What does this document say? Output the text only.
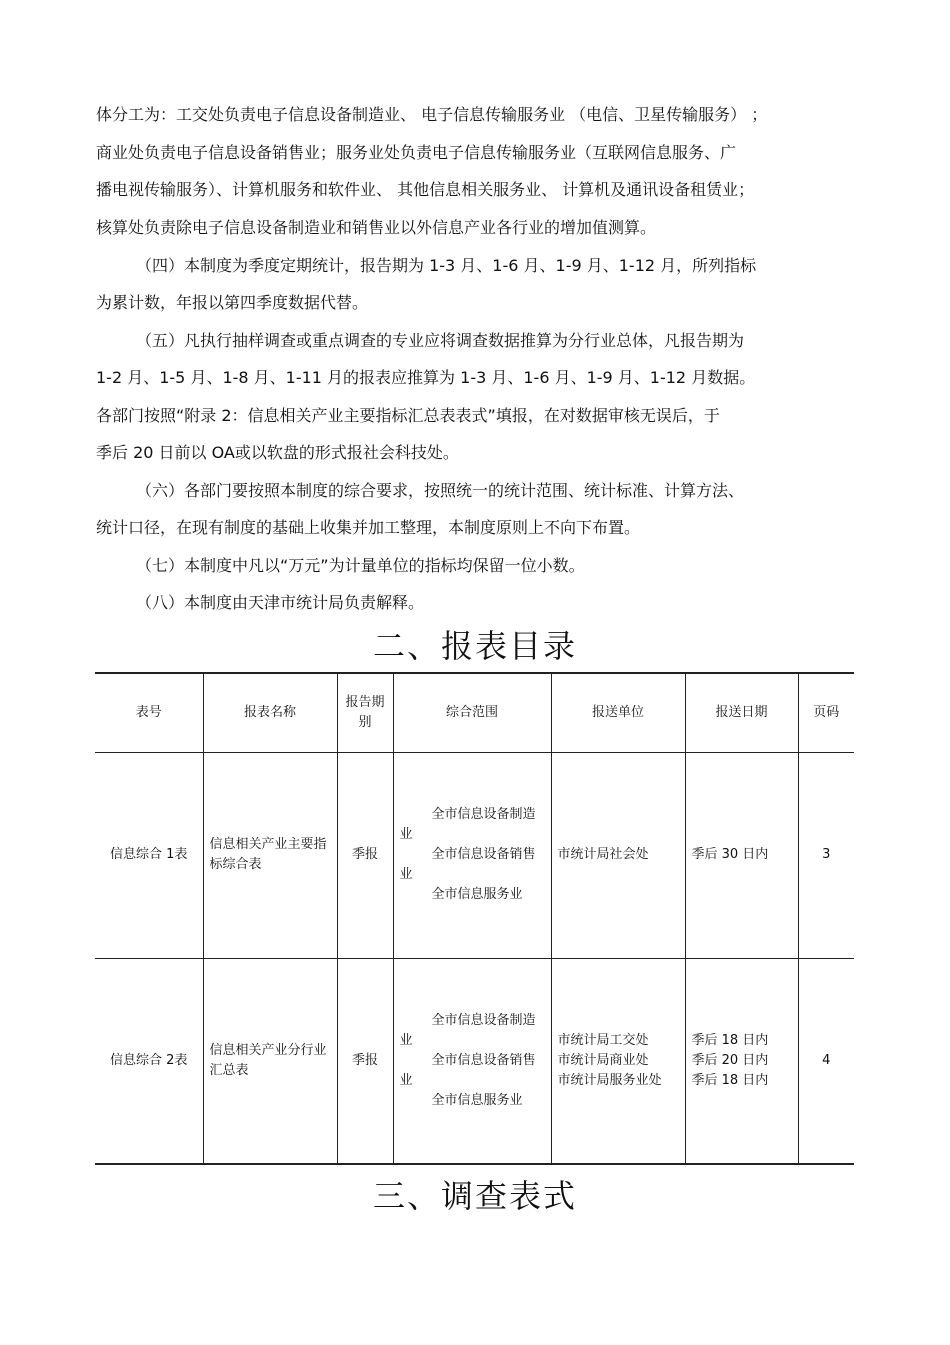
体分工为：工交处负责电子信息设备制造业、 电子信息传输服务业 （电信、卫星传输服务） ；
商业处负责电子信息设备销售业；服务业处负责电子信息传输服务业（互联网信息服务、广
播电视传输服务）、计算机服务和软件业、 其他信息相关服务业、 计算机及通讯设备租赁业；
核算处负责除电子信息设备制造业和销售业以外信息产业各行业的增加值测算。
（四）本制度为季度定期统计，报告期为 1-3 月、1-6 月、1-9 月、1-12 月，所列指标
为累计数，年报以第四季度数据代替。
（五）凡执行抽样调查或重点调查的专业应将调查数据推算为分行业总体，凡报告期为
1-2 月、1-5 月、1-8 月、1-11 月的报表应推算为 1-3 月、1-6 月、1-9 月、1-12 月数据。
各部门按照“附录 2：信息相关产业主要指标汇总表表式”填报，在对数据审核无误后，于
季后 20 日前以 OA或以软盘的形式报社会科技处。
（六）各部门要按照本制度的综合要求，按照统一的统计范围、统计标准、计算方法、
统计口径，在现有制度的基础上收集并加工整理，本制度原则上不向下布置。
（七）本制度中凡以“万元”为计量单位的指标均保留一位小数。
（八）本制度由天津市统计局负责解释。
二、报表目录
表号	报表名称	报告期别	综合范围	报送单位	报送日期	页码
信息综合 1表	信息相关产业主要指标综合表	季报	全市信息设备制造业
全市信息设备销售业
全市信息服务业	市统计局社会处	季后 30 日内	3
信息综合 2表	信息相关产业分行业汇总表	季报	全市信息设备制造业
全市信息设备销售业
全市信息服务业	市统计局工交处
市统计局商业处
市统计局服务业处	季后 18 日内
季后 20 日内
季后 18 日内	4
三、调查表式
